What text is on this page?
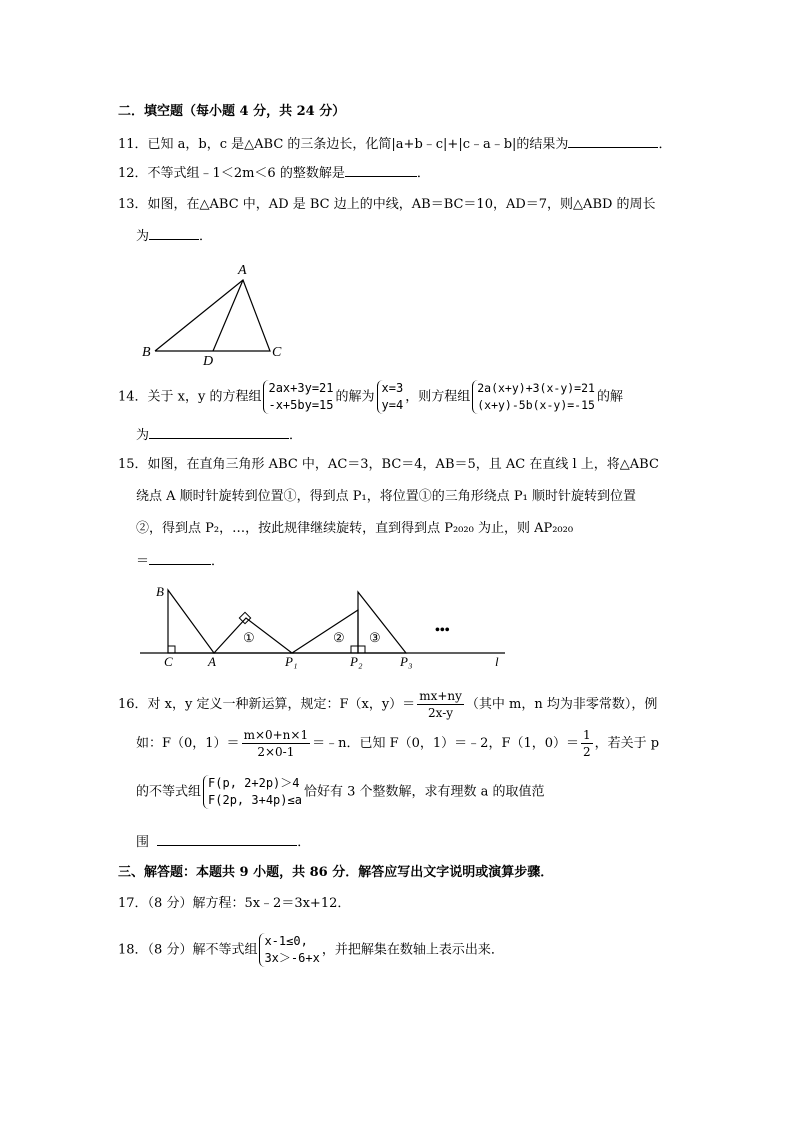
二．填空题（每小题 4 分，共 24 分）
11．已知 a，b，c 是△ABC 的三条边长，化简|a+b﹣c|+|c﹣a﹣b|的结果为	．
12．不等式组﹣1＜2m＜6 的整数解是	．
13．如图，在△ABC 中，AD 是 BC 边上的中线，AB＝BC＝10，AD＝7，则△ABD 的周长
为	．
A
B	C
D
14．关于 x，y 的方程组
2ax+3y=21
-x+5by=15
的解为
x=3
y=4
，则方程组
2a(x+y)+3(x-y)=21
(x+y)-5b(x-y)=-15
的解
为	．
15．如图，在直角三角形 ABC 中，AC＝3，BC＝4，AB＝5，且 AC 在直线 l 上，将△ABC
绕点 A 顺时针旋转到位置①，得到点 P₁，将位置①的三角形绕点 P₁ 顺时针旋转到位置
②，得到点 P₂，…，按此规律继续旋转，直到得到点 P₂₀₂₀ 为止，则 AP₂₀₂₀
＝	．
B
C	A	P₁	P₂	P₃	l
①	② ③	•••
16．对 x，y 定义一种新运算，规定：F（x，$y)= \frac{mx+ny}{2x-y}$ （其中 m，n 均为非零常数），例
如：F（0，$1)= \frac{m\times 0+n\times 1}{2\times 0-1}$ ＝﹣n．已知 F（0，1）＝﹣2，F（1，$0)= \frac{1}{2}$ ，若关于 p
的不等式组
F(p, 2+2p)＞4
F(2p, 3+4p)≤a
恰好有 3 个整数解，求有理数 a 的取值范
围	．
三、解答题：本题共 9 小题，共 86 分．解答应写出文字说明或演算步骤．
17．（8 分）解方程：5x﹣2＝3x+12．
18．（8 分）解不等式组
x-1≤0,
3x＞-6+x
，并把解集在数轴上表示出来．
